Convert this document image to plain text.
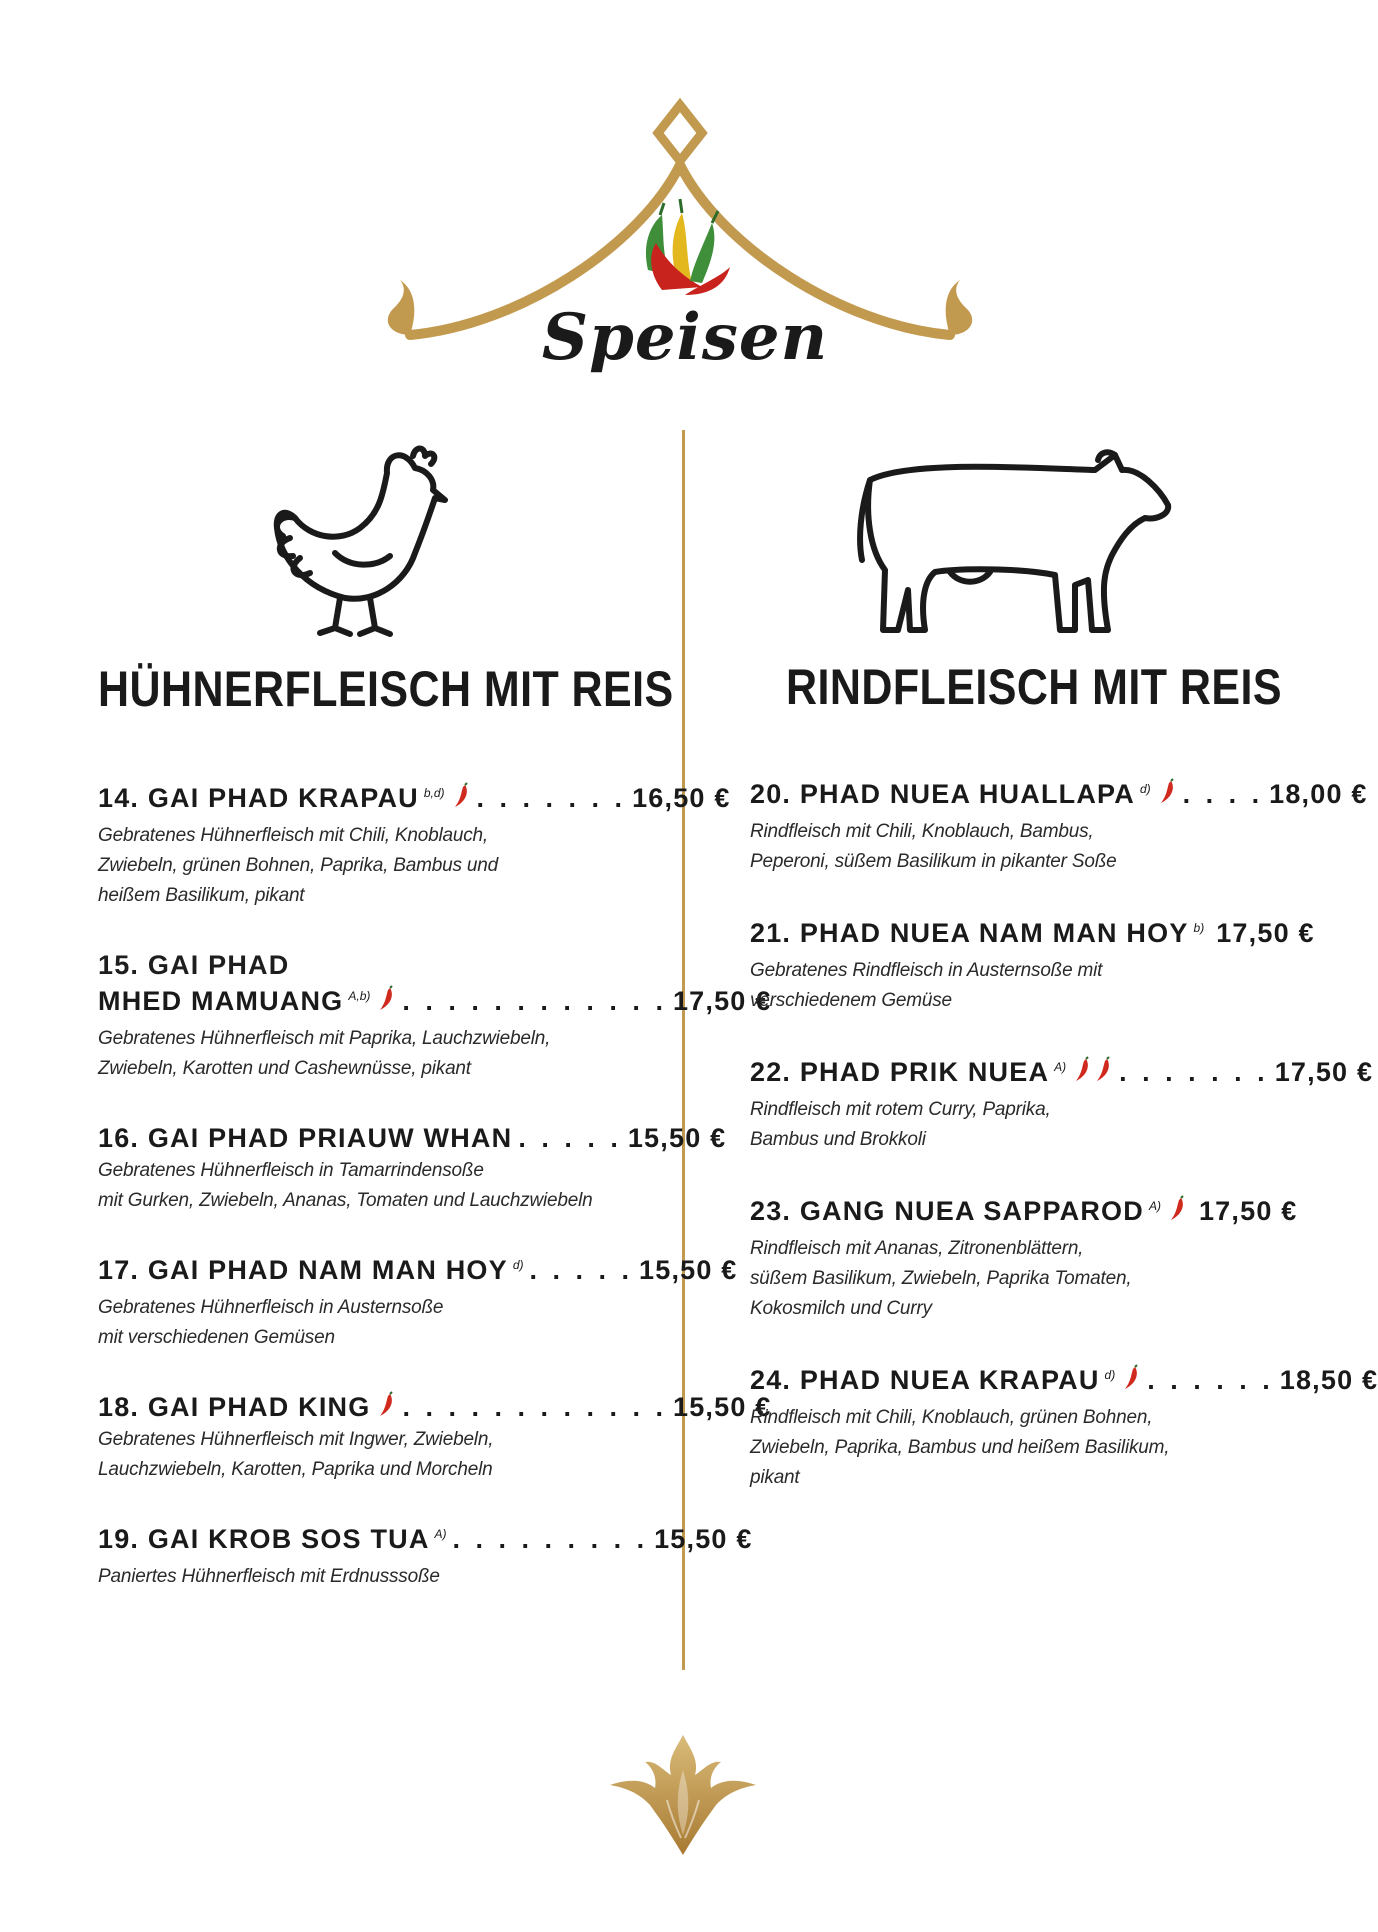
Speisen
HÜHNERFLEISCH MIT REIS RINDFLEISCH MIT REIS
14. GAI PHAD KRAPAU $^{b,d)}$ . . . . . . . 16,50 €
Gebratenes Hühnerfleisch mit Chili, Knoblauch,
Zwiebeln, grünen Bohnen, Paprika, Bambus und
heißem Basilikum, pikant
15. GAI PHAD
MHED MAMUANG $^{A,b)}$ . . . . . . . . . . . . 17,50 €
Gebratenes Hühnerfleisch mit Paprika, Lauchzwiebeln,
Zwiebeln, Karotten und Cashewnüsse, pikant
16. GAI PHAD PRIAUW WHAN . . . . . 15,50 €
Gebratenes Hühnerfleisch in Tamarrindensoße
mit Gurken, Zwiebeln, Ananas, Tomaten und Lauchzwiebeln
17. GAI PHAD NAM MAN HOY $^{d)}$ . . . . . 15,50 €
Gebratenes Hühnerfleisch in Austernsoße
mit verschiedenen Gemüsen
18. GAI PHAD KING . . . . . . . . . . . . 15,50 €
Gebratenes Hühnerfleisch mit Ingwer, Zwiebeln,
Lauchzwiebeln, Karotten, Paprika und Morcheln
19. GAI KROB SOS TUA $^{A)}$ . . . . . . . . . 15,50 €
Paniertes Hühnerfleisch mit Erdnusssoße
20. PHAD NUEA HUALLAPA $^{d)}$ . . . . 18,00 €
Rindfleisch mit Chili, Knoblauch, Bambus,
Peperoni, süßem Basilikum in pikanter Soße
21. PHAD NUEA NAM MAN HOY $^{b)}$ 17,50 €
Gebratenes Rindfleisch in Austernsoße mit
verschiedenem Gemüse
22. PHAD PRIK NUEA $^{A)}$ . . . . . . . 17,50 €
Rindfleisch mit rotem Curry, Paprika,
Bambus und Brokkoli
23. GANG NUEA SAPPAROD $^{A)}$ 17,50 €
Rindfleisch mit Ananas, Zitronenblättern,
süßem Basilikum, Zwiebeln, Paprika Tomaten,
Kokosmilch und Curry
24. PHAD NUEA KRAPAU $^{d)}$ . . . . . . 18,50 €
Rindfleisch mit Chili, Knoblauch, grünen Bohnen,
Zwiebeln, Paprika, Bambus und heißem Basilikum,
pikant
